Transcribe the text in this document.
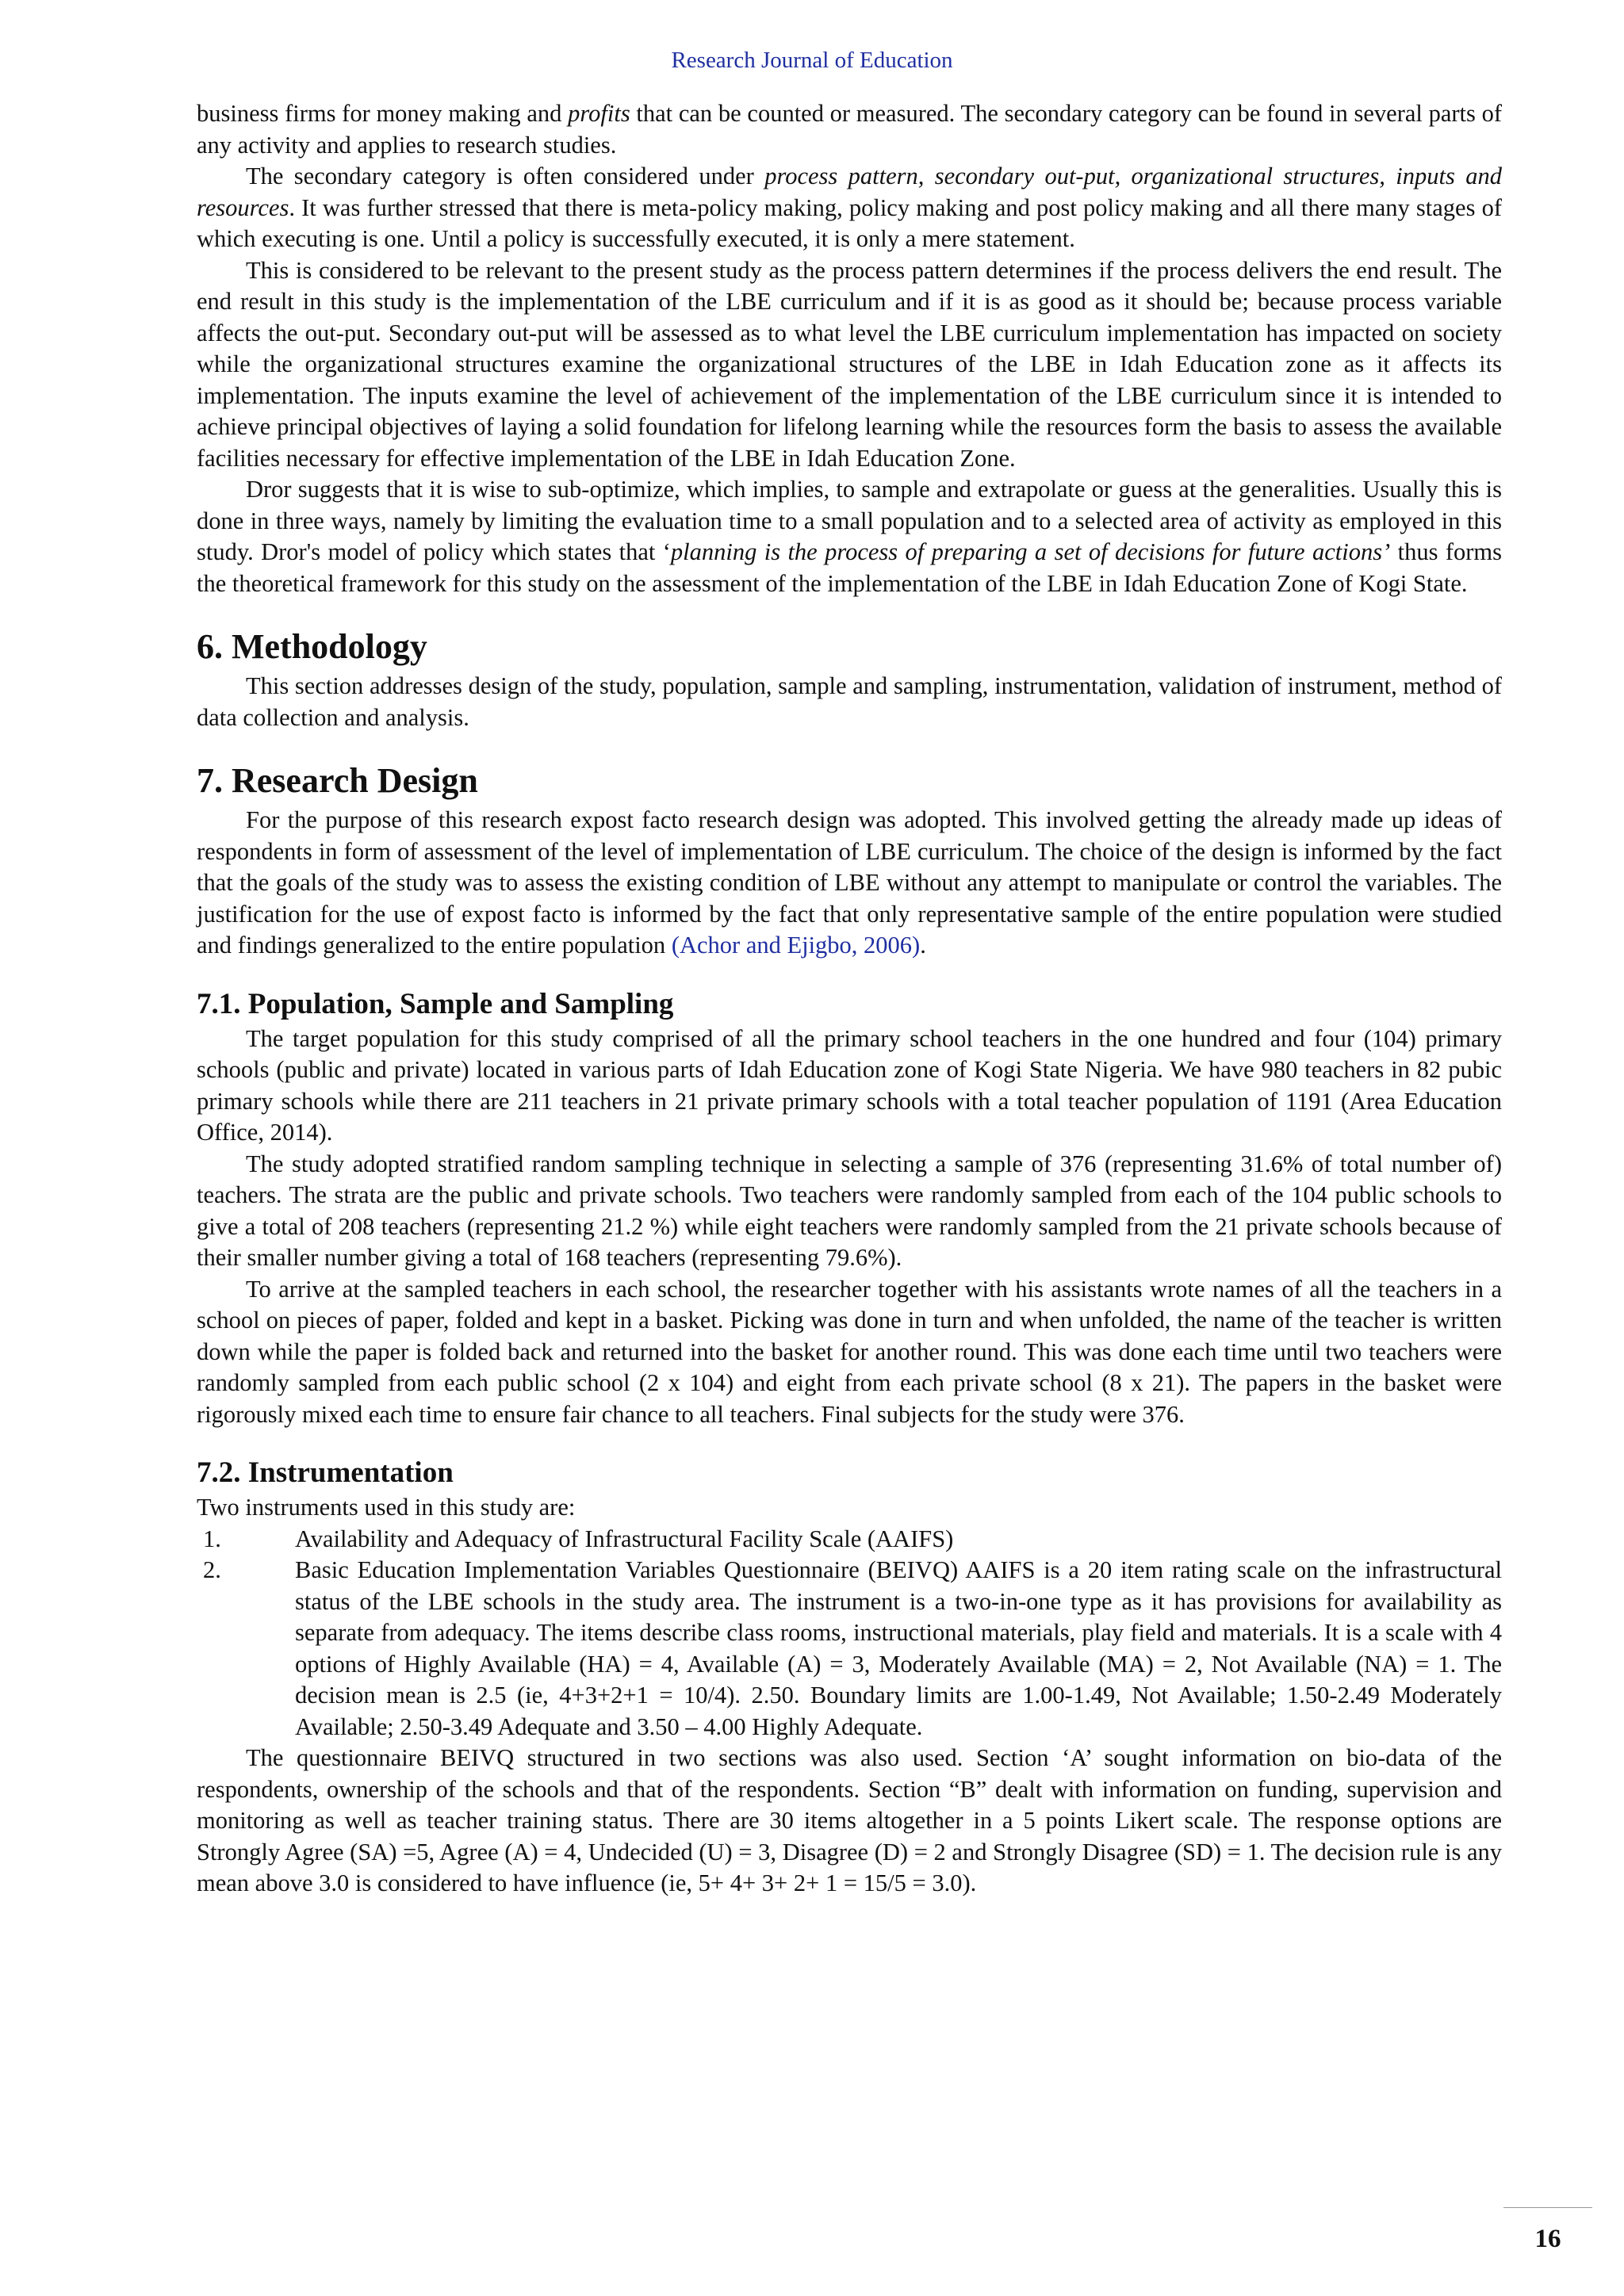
Research Journal of Education

business firms for money making and profits that can be counted or measured. The secondary category can be found in several parts of any activity and applies to research studies.

The secondary category is often considered under process pattern, secondary out-put, organizational structures, inputs and resources. It was further stressed that there is meta-policy making, policy making and post policy making and all there many stages of which executing is one. Until a policy is successfully executed, it is only a mere statement.

This is considered to be relevant to the present study as the process pattern determines if the process delivers the end result. The end result in this study is the implementation of the LBE curriculum and if it is as good as it should be; because process variable affects the out-put. Secondary out-put will be assessed as to what level the LBE curriculum implementation has impacted on society while the organizational structures examine the organizational structures of the LBE in Idah Education zone as it affects its implementation. The inputs examine the level of achievement of the implementation of the LBE curriculum since it is intended to achieve principal objectives of laying a solid foundation for lifelong learning while the resources form the basis to assess the available facilities necessary for effective implementation of the LBE in Idah Education Zone.

Dror suggests that it is wise to sub-optimize, which implies, to sample and extrapolate or guess at the generalities. Usually this is done in three ways, namely by limiting the evaluation time to a small population and to a selected area of activity as employed in this study. Dror's model of policy which states that ‘planning is the process of preparing a set of decisions for future actions’ thus forms the theoretical framework for this study on the assessment of the implementation of the LBE in Idah Education Zone of Kogi State.

6. Methodology

This section addresses design of the study, population, sample and sampling, instrumentation, validation of instrument, method of data collection and analysis.

7. Research Design

For the purpose of this research expost facto research design was adopted. This involved getting the already made up ideas of respondents in form of assessment of the level of implementation of LBE curriculum. The choice of the design is informed by the fact that the goals of the study was to assess the existing condition of LBE without any attempt to manipulate or control the variables. The justification for the use of expost facto is informed by the fact that only representative sample of the entire population were studied and findings generalized to the entire population (Achor and Ejigbo, 2006).

7.1. Population, Sample and Sampling

The target population for this study comprised of all the primary school teachers in the one hundred and four (104) primary schools (public and private) located in various parts of Idah Education zone of Kogi State Nigeria. We have 980 teachers in 82 pubic primary schools while there are 211 teachers in 21 private primary schools with a total teacher population of 1191 (Area Education Office, 2014).

The study adopted stratified random sampling technique in selecting a sample of 376 (representing 31.6% of total number of) teachers. The strata are the public and private schools. Two teachers were randomly sampled from each of the 104 public schools to give a total of 208 teachers (representing 21.2 %) while eight teachers were randomly sampled from the 21 private schools because of their smaller number giving a total of 168 teachers (representing 79.6%).

To arrive at the sampled teachers in each school, the researcher together with his assistants wrote names of all the teachers in a school on pieces of paper, folded and kept in a basket. Picking was done in turn and when unfolded, the name of the teacher is written down while the paper is folded back and returned into the basket for another round. This was done each time until two teachers were randomly sampled from each public school (2 x 104) and eight from each private school (8 x 21). The papers in the basket were rigorously mixed each time to ensure fair chance to all teachers. Final subjects for the study were 376.

7.2. Instrumentation

Two instruments used in this study are:

1.	Availability and Adequacy of Infrastructural Facility Scale (AAIFS)

2.	Basic Education Implementation Variables Questionnaire (BEIVQ) AAIFS is a 20 item rating scale on the infrastructural status of the LBE schools in the study area. The instrument is a two-in-one type as it has provisions for availability as separate from adequacy. The items describe class rooms, instructional materials, play field and materials. It is a scale with 4 options of Highly Available (HA) = 4, Available (A) = 3, Moderately Available (MA) = 2, Not Available (NA) = 1. The decision mean is 2.5 (ie, 4+3+2+1 = 10/4). 2.50. Boundary limits are 1.00-1.49, Not Available; 1.50-2.49 Moderately Available; 2.50-3.49 Adequate and 3.50 – 4.00 Highly Adequate.

The questionnaire BEIVQ structured in two sections was also used. Section ‘A’ sought information on bio-data of the respondents, ownership of the schools and that of the respondents. Section “B” dealt with information on funding, supervision and monitoring as well as teacher training status. There are 30 items altogether in a 5 points Likert scale. The response options are Strongly Agree (SA) =5, Agree (A) = 4, Undecided (U) = 3, Disagree (D) = 2 and Strongly Disagree (SD) = 1. The decision rule is any mean above 3.0 is considered to have influence (ie, 5+ 4+ 3+ 2+ 1 = 15/5 = 3.0).

16
